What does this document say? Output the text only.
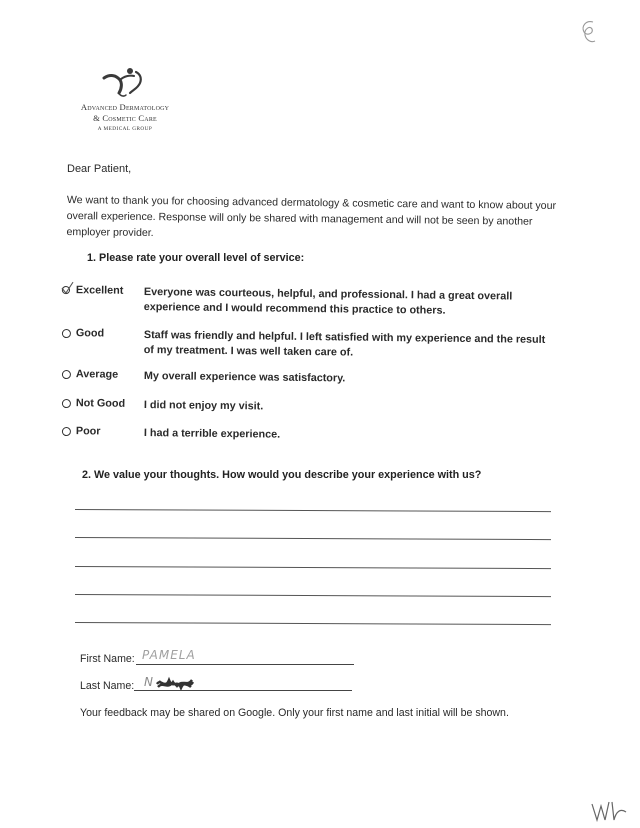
Advanced Dermatology
& Cosmetic Care
A MEDICAL GROUP
Dear Patient,

We want to thank you for choosing advanced dermatology & cosmetic care and want to know about your overall experience. Response will only be shared with management and will not be seen by another employer provider.

1. Please rate your overall level of service:
Excellent Everyone was courteous, helpful, and professional. I had a great overall experience and I would recommend this practice to others.
Good	Staff was friendly and helpful. I left satisfied with my experience and the result of my treatment. I was well taken care of.
Average My overall experience was satisfactory.
Not Good I did not enjoy my visit.
Poor	I had a terrible experience.
2. We value your thoughts. How would you describe your experience with us?
First Name: PAMELA
Last Name: N
Your feedback may be shared on Google. Only your first name and last initial will be shown.
